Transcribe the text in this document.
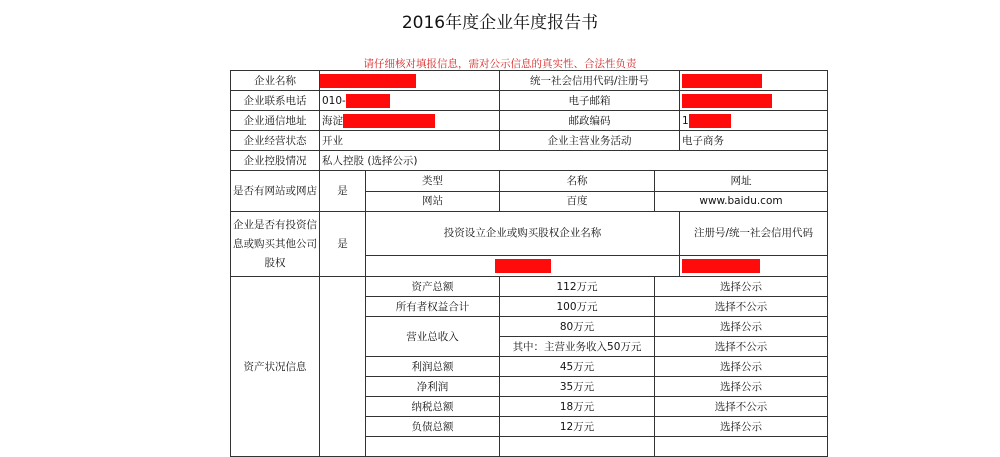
2016年度企业年度报告书
请仔细核对填报信息，需对公示信息的真实性、合法性负责
企业名称			统一社会信用代码/注册号		
企业联系电话	010-		电子邮箱		
企业通信地址	海淀		邮政编码		1
企业经营状态	开业		企业主营业务活动		电子商务
企业控股情况	私人控股 (选择公示)				
是否有网站或网店	是	类型	名称	网址	
		网站	百度	www.baidu.com	
企业是否有投资信息或购买其他公司股权	是	投资设立企业或购买股权企业名称			注册号/统一社会信用代码

资产状况信息		资产总额	112万元	选择公示	
		所有者权益合计	100万元	选择不公示	
		营业总收入	80万元	选择公示	
			其中：主营业务收入50万元	选择不公示	
		利润总额	45万元	选择公示	
		净利润	35万元	选择公示	
		纳税总额	18万元	选择不公示	
		负债总额	12万元	选择公示	
